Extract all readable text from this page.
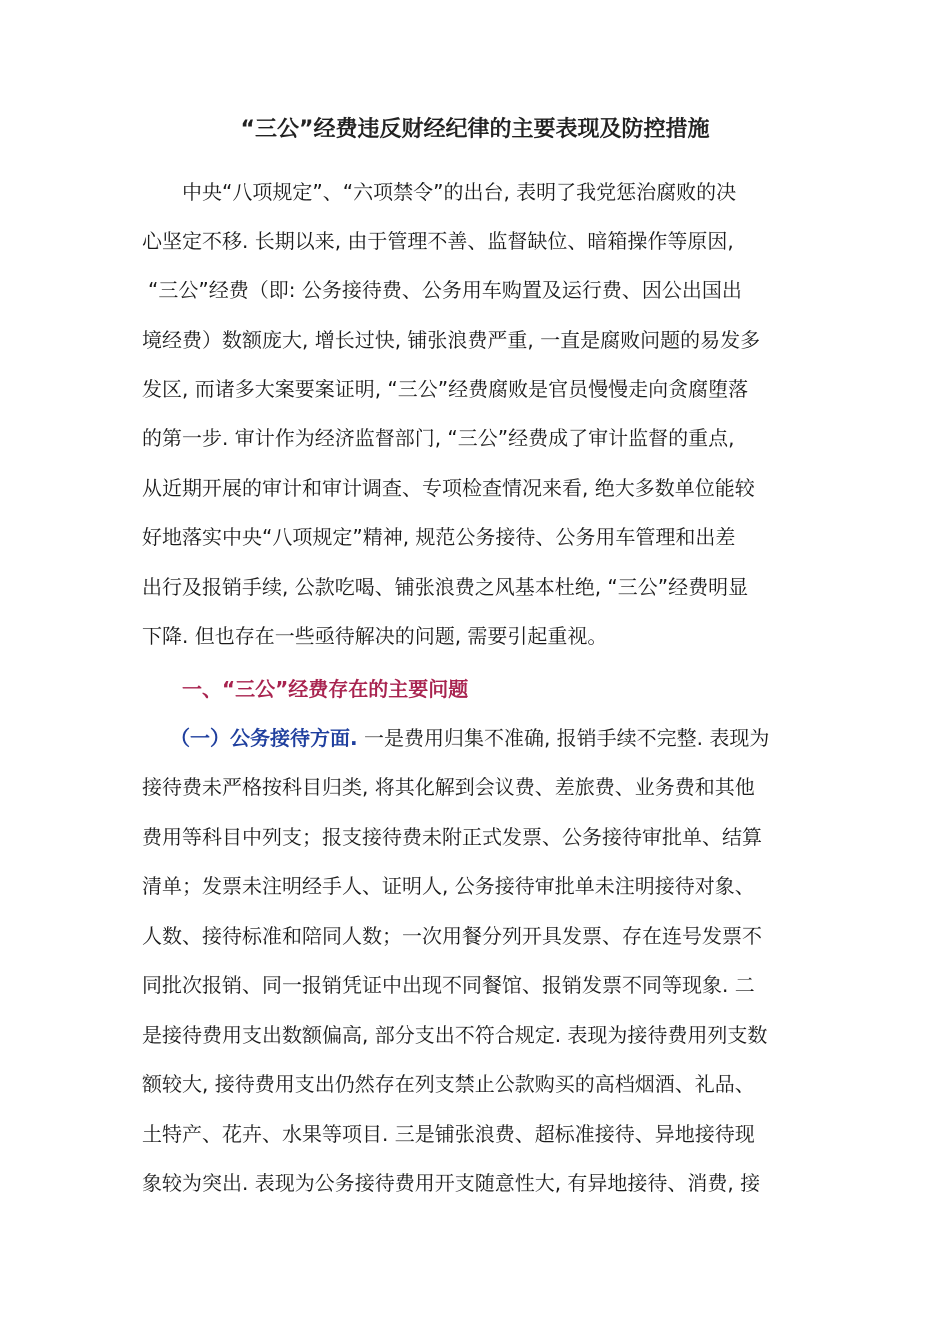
“三公”经费违反财经纪律的主要表现及防控措施
中央“八项规定”、“六项禁令”的出台, 表明了我党惩治腐败的决
心坚定不移. 长期以来, 由于管理不善、监督缺位、暗箱操作等原因,
“三公”经费（即: 公务接待费、公务用车购置及运行费、因公出国出
境经费）数额庞大, 增长过快, 铺张浪费严重, 一直是腐败问题的易发多
发区, 而诸多大案要案证明, “三公”经费腐败是官员慢慢走向贪腐堕落
的第一步. 审计作为经济监督部门, “三公”经费成了审计监督的重点,
从近期开展的审计和审计调查、专项检查情况来看, 绝大多数单位能较
好地落实中央“八项规定”精神, 规范公务接待、公务用车管理和出差
出行及报销手续, 公款吃喝、铺张浪费之风基本杜绝, “三公”经费明显
下降. 但也存在一些亟待解决的问题, 需要引起重视。
一、“三公”经费存在的主要问题
（一）公务接待方面. 一是费用归集不准确, 报销手续不完整. 表现为
接待费未严格按科目归类, 将其化解到会议费、差旅费、业务费和其他
费用等科目中列支；报支接待费未附正式发票、公务接待审批单、结算
清单；发票未注明经手人、证明人, 公务接待审批单未注明接待对象、
人数、接待标准和陪同人数；一次用餐分列开具发票、存在连号发票不
同批次报销、同一报销凭证中出现不同餐馆、报销发票不同等现象. 二
是接待费用支出数额偏高, 部分支出不符合规定. 表现为接待费用列支数
额较大, 接待费用支出仍然存在列支禁止公款购买的高档烟酒、礼品、
土特产、花卉、水果等项目. 三是铺张浪费、超标准接待、异地接待现
象较为突出. 表现为公务接待费用开支随意性大, 有异地接待、消费, 接
